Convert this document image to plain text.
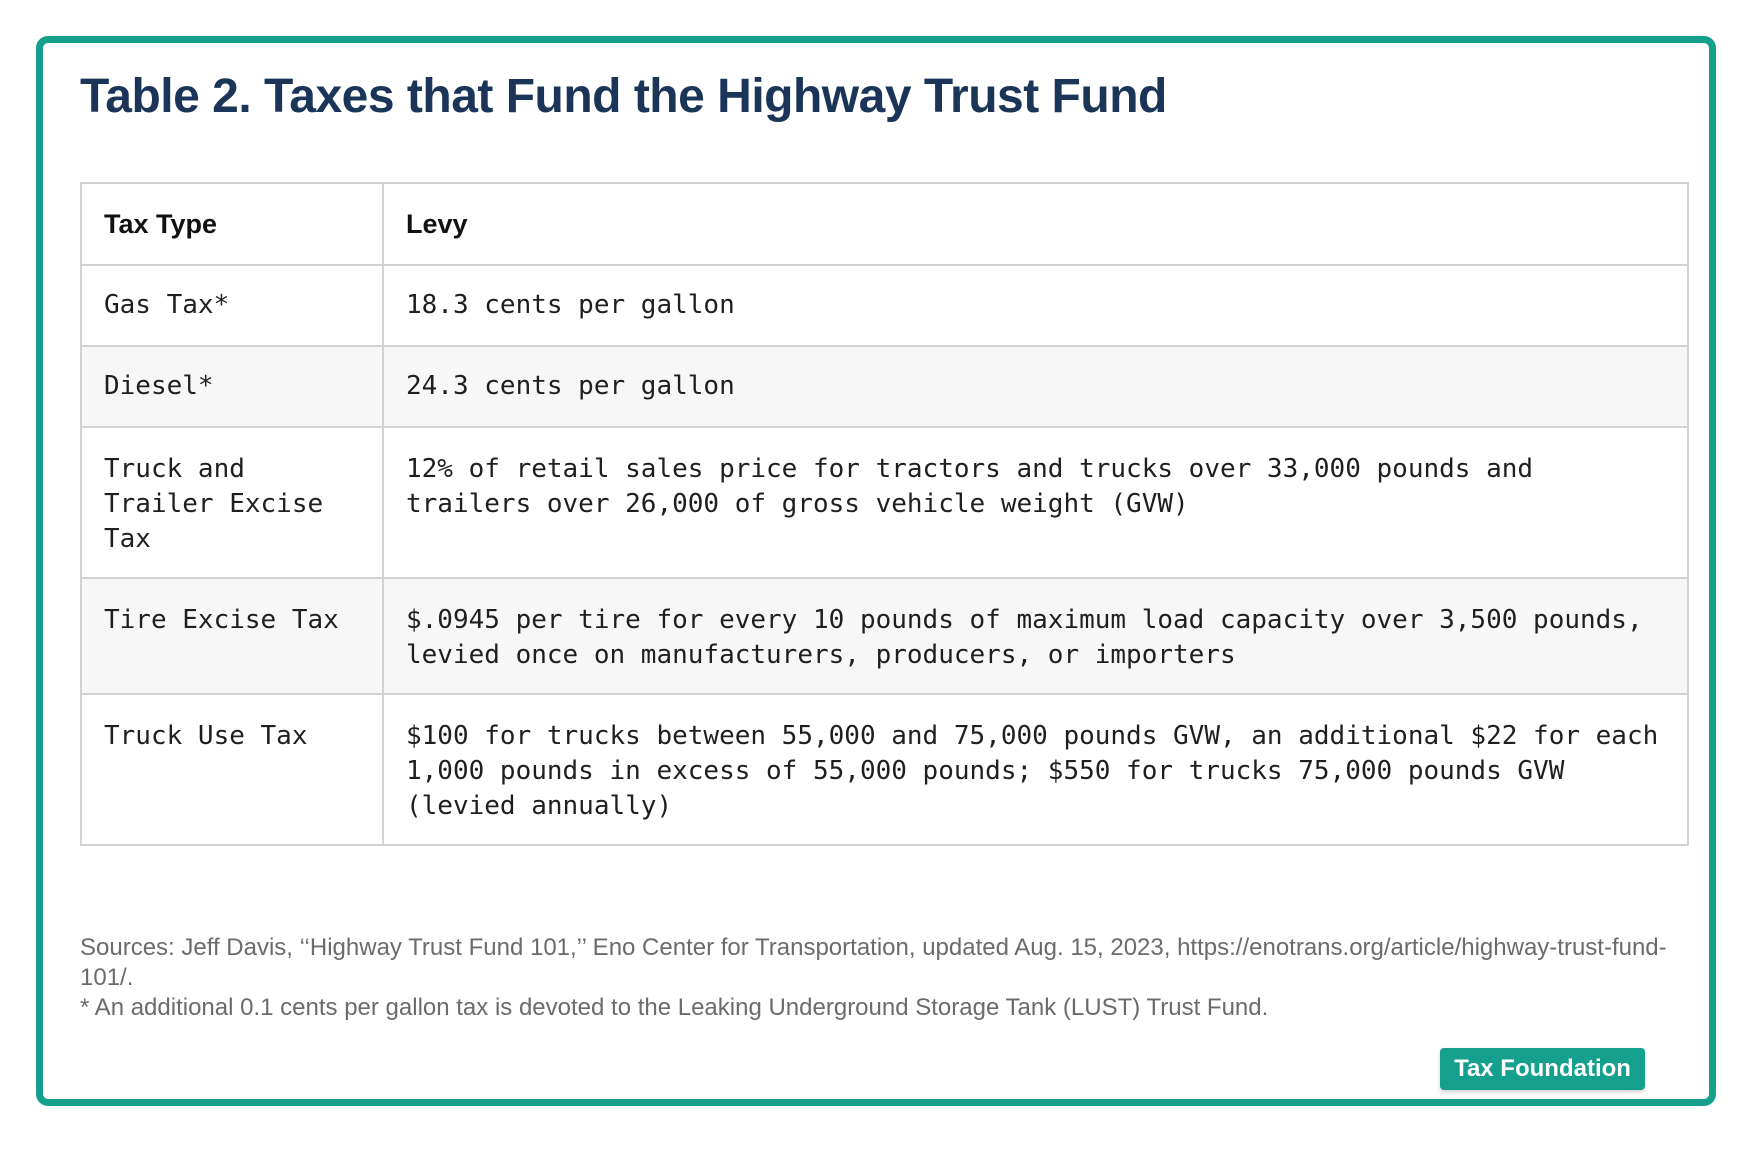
Table 2. Taxes that Fund the Highway Trust Fund
Tax Type	Levy
Gas Tax*	18.3 cents per gallon
Diesel*	24.3 cents per gallon
Truck and Trailer Excise Tax	12% of retail sales price for tractors and trucks over 33,000 pounds and trailers over 26,000 of gross vehicle weight (GVW)
Tire Excise Tax	$.0945 per tire for every 10 pounds of maximum load capacity over 3,500 pounds, levied once on manufacturers, producers, or importers
Truck Use Tax	$100 for trucks between 55,000 and 75,000 pounds GVW, an additional $22 for each 1,000 pounds in excess of 55,000 pounds; $550 for trucks 75,000 pounds GVW (levied annually)

Sources: Jeff Davis, ‘‘Highway Trust Fund 101,’’ Eno Center for Transportation, updated Aug. 15, 2023, https://enotrans.org/article/highway-trust-fund-101/.

* An additional 0.1 cents per gallon tax is devoted to the Leaking Underground Storage Tank (LUST) Trust Fund.

Tax Foundation
